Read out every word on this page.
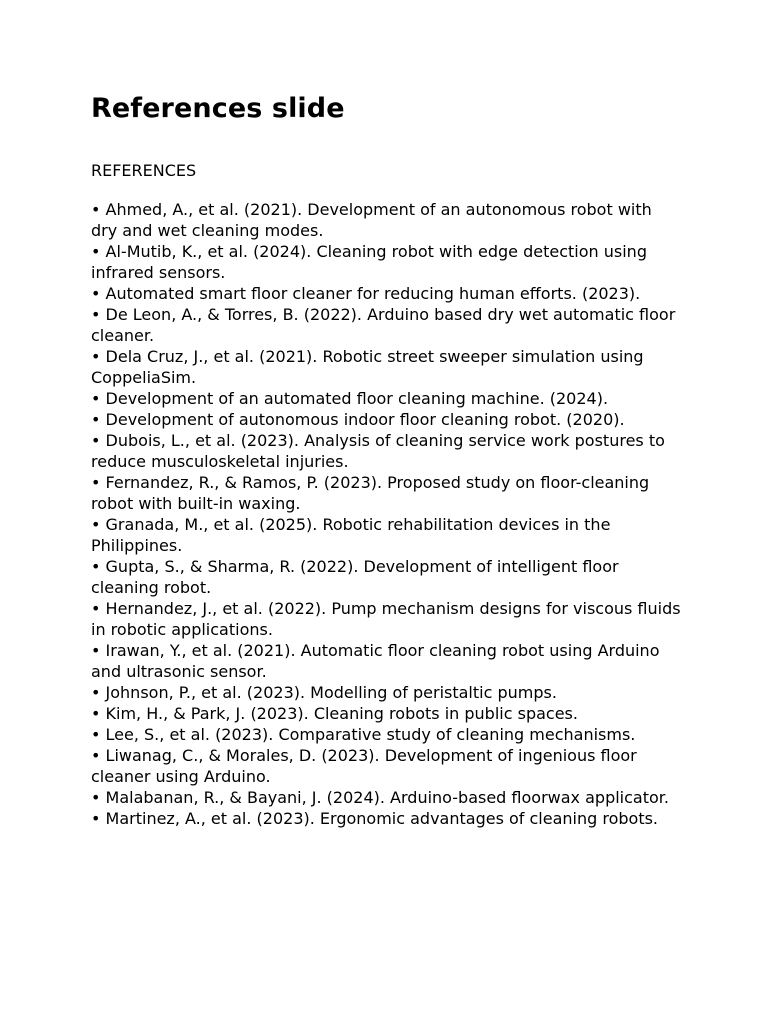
References slide

REFERENCES

• Ahmed, A., et al. (2021). Development of an autonomous robot with dry and wet cleaning modes.
• Al-Mutib, K., et al. (2024). Cleaning robot with edge detection using infrared sensors.
• Automated smart floor cleaner for reducing human efforts. (2023).
• De Leon, A., & Torres, B. (2022). Arduino based dry wet automatic floor cleaner.
• Dela Cruz, J., et al. (2021). Robotic street sweeper simulation using CoppeliaSim.
• Development of an automated floor cleaning machine. (2024).
• Development of autonomous indoor floor cleaning robot. (2020).
• Dubois, L., et al. (2023). Analysis of cleaning service work postures to reduce musculoskeletal injuries.
• Fernandez, R., & Ramos, P. (2023). Proposed study on floor-cleaning robot with built-in waxing.
• Granada, M., et al. (2025). Robotic rehabilitation devices in the Philippines.
• Gupta, S., & Sharma, R. (2022). Development of intelligent floor cleaning robot.
• Hernandez, J., et al. (2022). Pump mechanism designs for viscous fluids in robotic applications.
• Irawan, Y., et al. (2021). Automatic floor cleaning robot using Arduino and ultrasonic sensor.
• Johnson, P., et al. (2023). Modelling of peristaltic pumps.
• Kim, H., & Park, J. (2023). Cleaning robots in public spaces.
• Lee, S., et al. (2023). Comparative study of cleaning mechanisms.
• Liwanag, C., & Morales, D. (2023). Development of ingenious floor cleaner using Arduino.
• Malabanan, R., & Bayani, J. (2024). Arduino-based floorwax applicator.
• Martinez, A., et al. (2023). Ergonomic advantages of cleaning robots.
